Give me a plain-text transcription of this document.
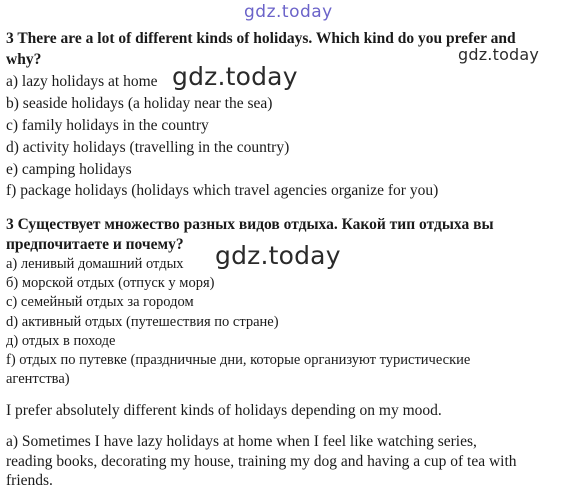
gdz.today
gdz.today
gdz.today
gdz.today
3 There are a lot of different kinds of holidays. Which kind do you prefer and
why?
a) lazy holidays at home
b) seaside holidays (a holiday near the sea)
c) family holidays in the country
d) activity holidays (travelling in the country)
e) camping holidays
f) package holidays (holidays which travel agencies organize for you)
3 Существует множество разных видов отдыха. Какой тип отдыха вы
предпочитаете и почему?
а) ленивый домашний отдых
б) морской отдых (отпуск у моря)
с) семейный отдых за городом
d) активный отдых (путешествия по стране)
д) отдых в походе
f) отдых по путевке (праздничные дни, которые организуют туристические
агентства)
I prefer absolutely different kinds of holidays depending on my mood.
a) Sometimes I have lazy holidays at home when I feel like watching series,
reading books, decorating my house, training my dog and having a cup of tea with
friends.
